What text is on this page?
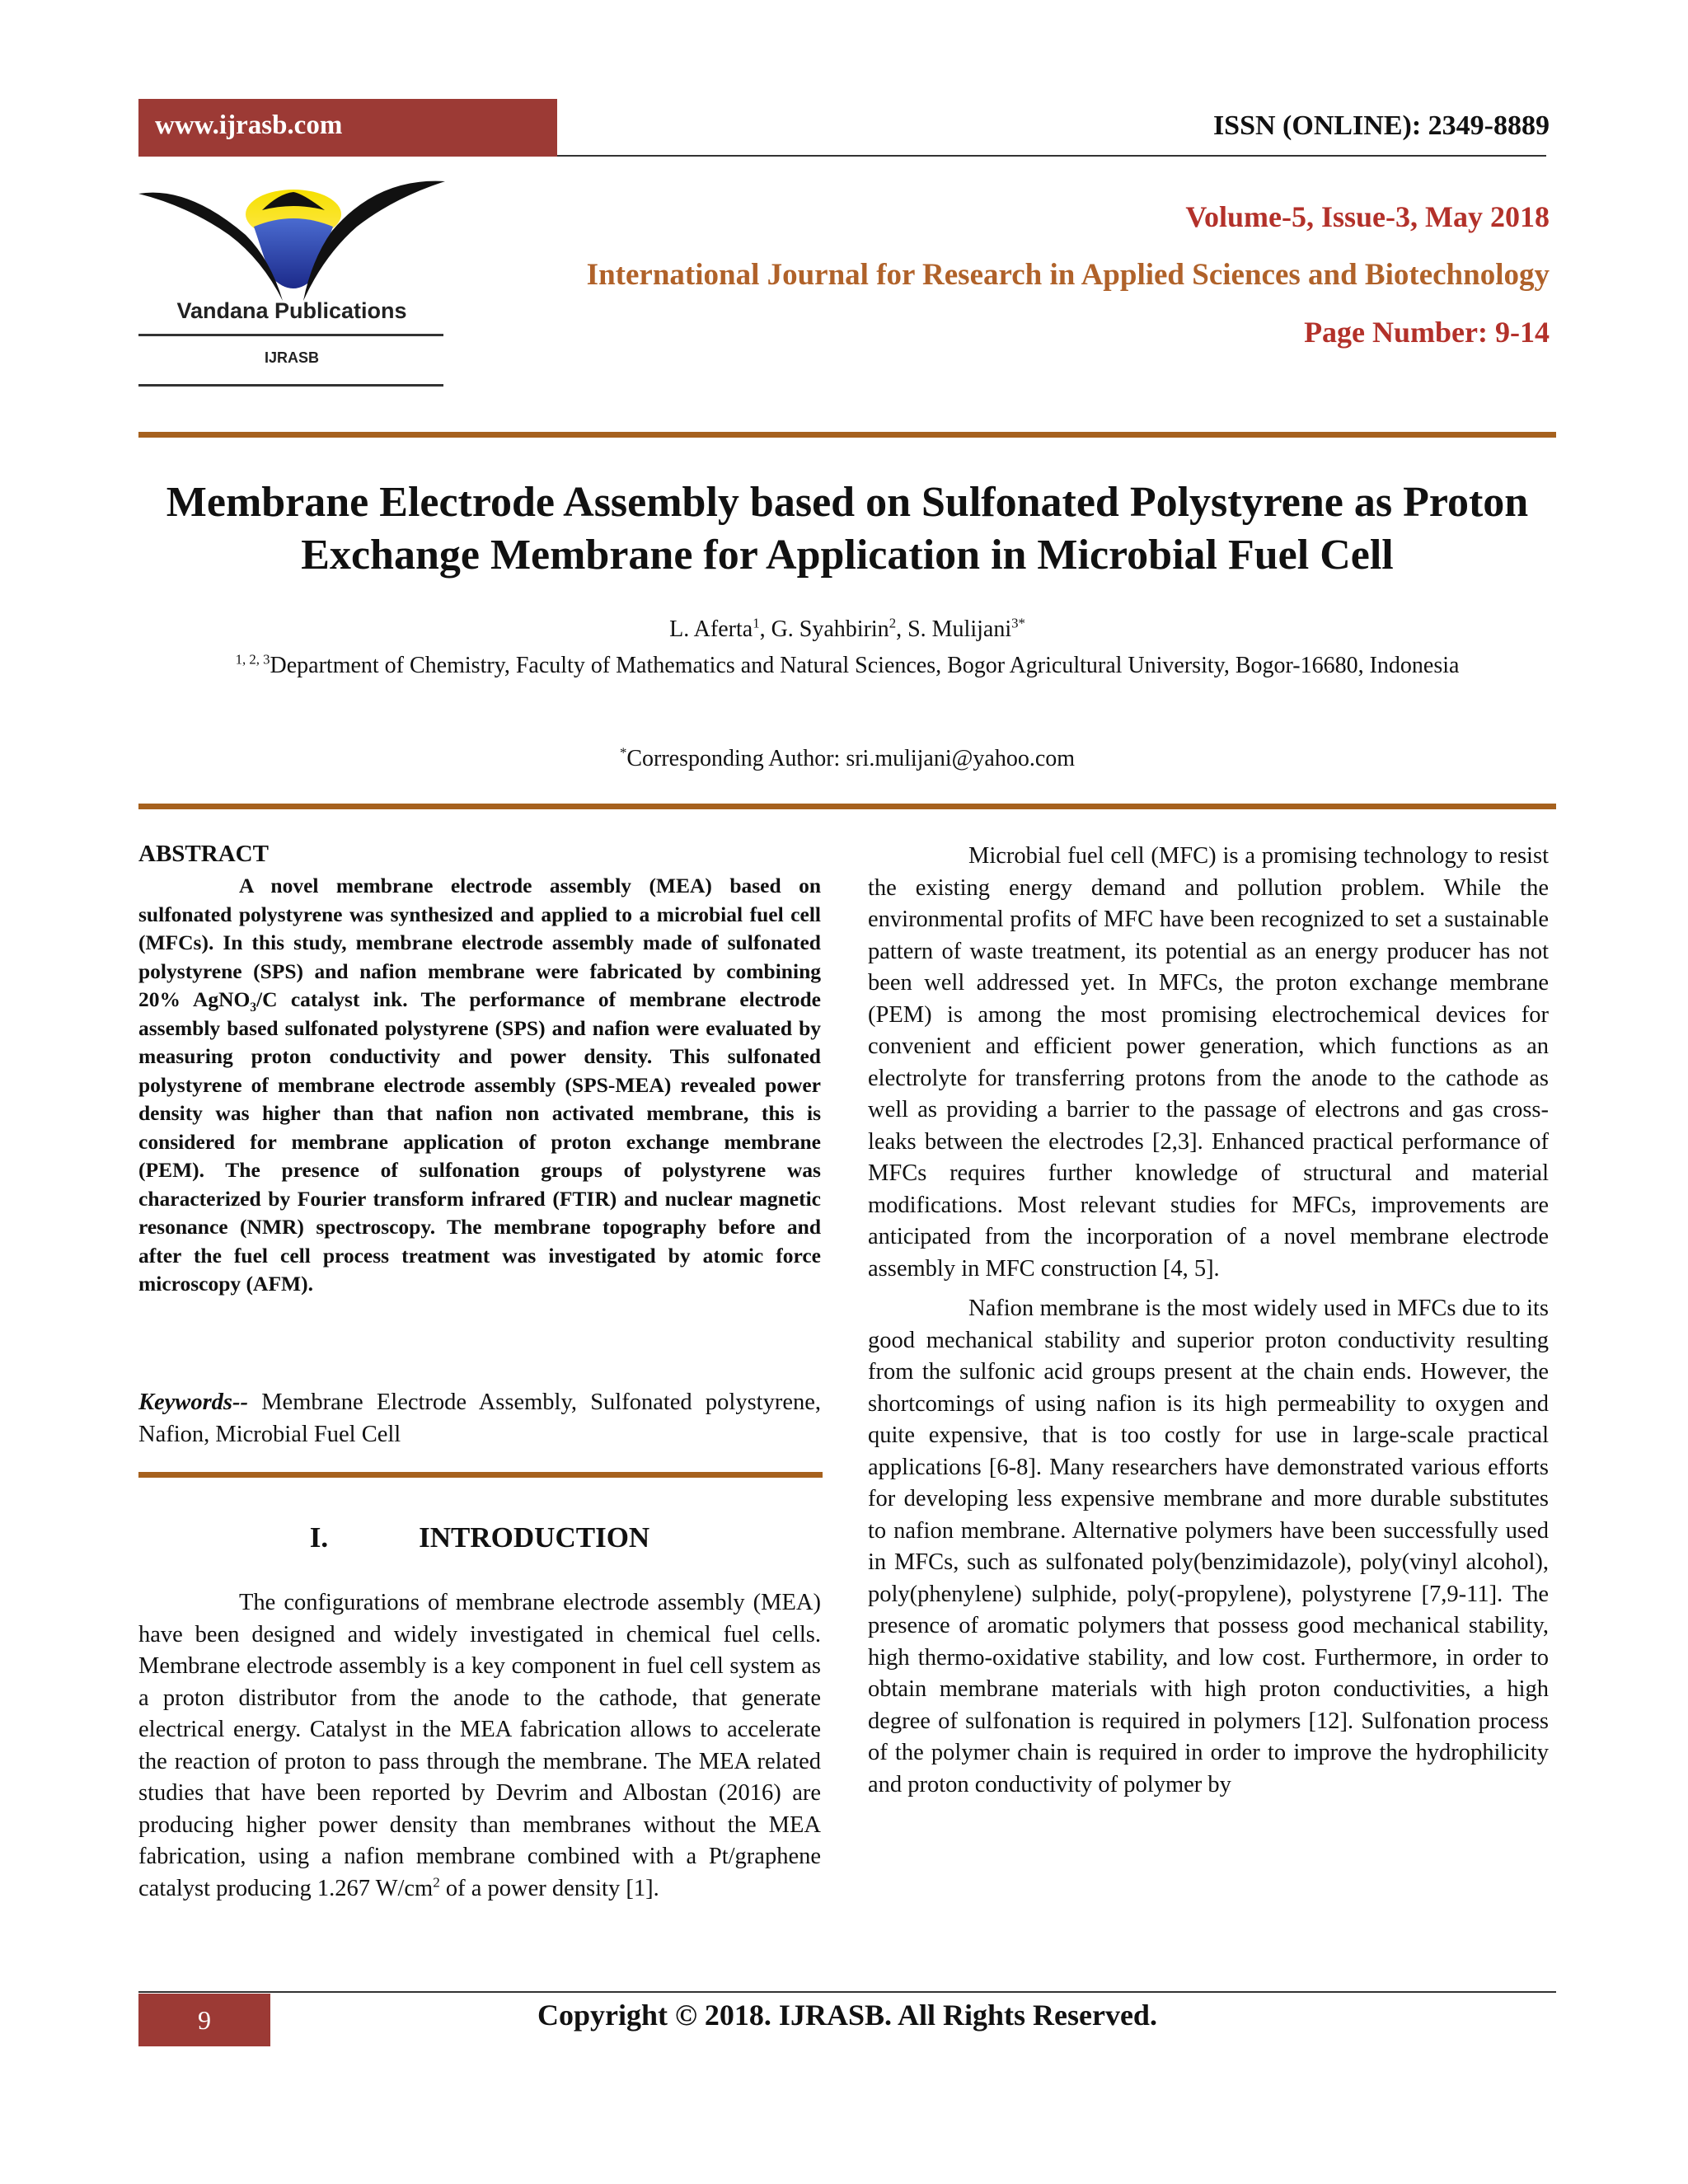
www.ijrasb.com	ISSN (ONLINE): 2349-8889
Vandana Publications
IJRASB
Volume-5, Issue-3, May 2018
International Journal for Research in Applied Sciences and Biotechnology
Page Number: 9-14
Membrane Electrode Assembly based on Sulfonated Polystyrene as Proton Exchange Membrane for Application in Microbial Fuel Cell
L. Aferta$^1$, G. Syahbirin$^2$, S. Mulijani$^{3*}$
$^{1, 2, 3}$Department of Chemistry, Faculty of Mathematics and Natural Sciences, Bogor Agricultural University, Bogor-16680, Indonesia
*Corresponding Author: sri.mulijani@yahoo.com
ABSTRACT
A novel membrane electrode assembly (MEA) based on sulfonated polystyrene was synthesized and applied to a microbial fuel cell (MFCs). In this study, membrane electrode assembly made of sulfonated polystyrene (SPS) and nafion membrane were fabricated by combining 20% AgNO$_3$/C catalyst ink. The performance of membrane electrode assembly based sulfonated polystyrene (SPS) and nafion were evaluated by measuring proton conductivity and power density. This sulfonated polystyrene of membrane electrode assembly (SPS-MEA) revealed power density was higher than that nafion non activated membrane, this is considered for membrane application of proton exchange membrane (PEM). The presence of sulfonation groups of polystyrene was characterized by Fourier transform infrared (FTIR) and nuclear magnetic resonance (NMR) spectroscopy. The membrane topography before and after the fuel cell process treatment was investigated by atomic force microscopy (AFM).
Keywords-- Membrane Electrode Assembly, Sulfonated polystyrene, Nafion, Microbial Fuel Cell
I.	INTRODUCTION
The configurations of membrane electrode assembly (MEA) have been designed and widely investigated in chemical fuel cells. Membrane electrode assembly is a key component in fuel cell system as a proton distributor from the anode to the cathode, that generate electrical energy. Catalyst in the MEA fabrication allows to accelerate the reaction of proton to pass through the membrane. The MEA related studies that have been reported by Devrim and Albostan (2016) are producing higher power density than membranes without the MEA fabrication, using a nafion membrane combined with a Pt/graphene catalyst producing 1.267 $W/cm^2$ of a power density [1].
Microbial fuel cell (MFC) is a promising technology to resist the existing energy demand and pollution problem. While the environmental profits of MFC have been recognized to set a sustainable pattern of waste treatment, its potential as an energy producer has not been well addressed yet. In MFCs, the proton exchange membrane (PEM) is among the most promising electrochemical devices for convenient and efficient power generation, which functions as an electrolyte for transferring protons from the anode to the cathode as well as providing a barrier to the passage of electrons and gas cross-leaks between the electrodes [2,3]. Enhanced practical performance of MFCs requires further knowledge of structural and material modifications. Most relevant studies for MFCs, improvements are anticipated from the incorporation of a novel membrane electrode assembly in MFC construction [4, 5].
Nafion membrane is the most widely used in MFCs due to its good mechanical stability and superior proton conductivity resulting from the sulfonic acid groups present at the chain ends. However, the shortcomings of using nafion is its high permeability to oxygen and quite expensive, that is too costly for use in large-scale practical applications [6-8]. Many researchers have demonstrated various efforts for developing less expensive membrane and more durable substitutes to nafion membrane. Alternative polymers have been successfully used in MFCs, such as sulfonated poly(benzimidazole), poly(vinyl alcohol), poly(phenylene) sulphide, poly(-propylene), polystyrene [7,9-11]. The presence of aromatic polymers that possess good mechanical stability, high thermo-oxidative stability, and low cost. Furthermore, in order to obtain membrane materials with high proton conductivities, a high degree of sulfonation is required in polymers [12]. Sulfonation process of the polymer chain is required in order to improve the hydrophilicity and proton conductivity of polymer by
9	Copyright © 2018. IJRASB. All Rights Reserved.
